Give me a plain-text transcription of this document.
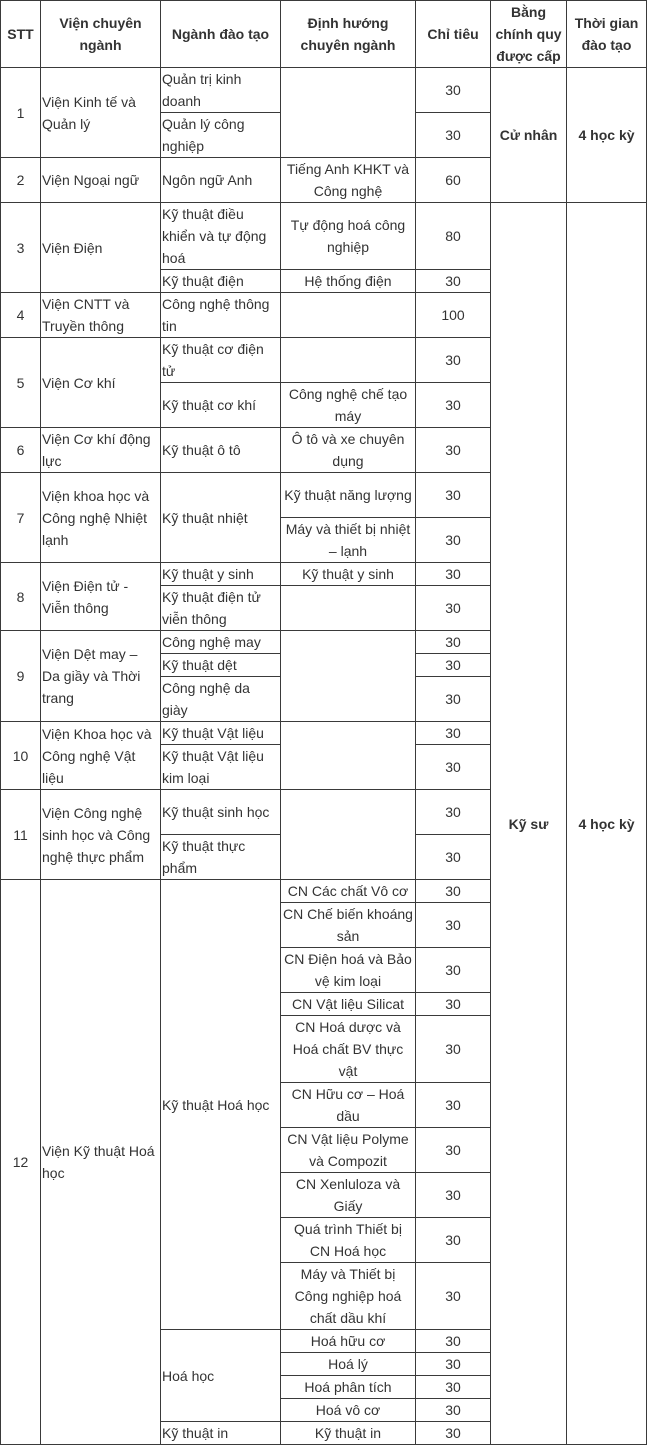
STT	Viện chuyên ngành	Ngành đào tạo	Định hướng chuyên ngành	Chỉ tiêu	Bằng chính quy được cấp	Thời gian đào tạo
1	Viện Kinh tế và Quản lý	Quản trị kinh doanh		30	Cử nhân	4 học kỳ
		Quản lý công nghiệp		30		
2	Viện Ngoại ngữ	Ngôn ngữ Anh	Tiếng Anh KHKT và Công nghệ	60		
3	Viện Điện	Kỹ thuật điều khiển và tự động hoá	Tự động hoá công nghiệp	80	Kỹ sư	4 học kỳ
		Kỹ thuật điện	Hệ thống điện	30		
4	Viện CNTT và Truyền thông	Công nghệ thông tin		100		
5	Viện Cơ khí	Kỹ thuật cơ điện tử		30		
		Kỹ thuật cơ khí	Công nghệ chế tạo máy	30		
6	Viện Cơ khí động lực	Kỹ thuật ô tô	Ô tô và xe chuyên dụng	30		
7	Viện khoa học và Công nghệ Nhiệt lạnh	Kỹ thuật nhiệt	Kỹ thuật năng lượng	30		
			Máy và thiết bị nhiệt – lạnh	30		
8	Viện Điện tử - Viễn thông	Kỹ thuật y sinh	Kỹ thuật y sinh	30		
		Kỹ thuật điện tử viễn thông		30		
9	Viện Dệt may – Da giầy và Thời trang	Công nghệ may		30		
		Kỹ thuật dệt		30		
		Công nghệ da giày		30		
10	Viện Khoa học và Công nghệ Vật liệu	Kỹ thuật Vật liệu		30		
		Kỹ thuật Vật liệu kim loại		30		
11	Viện Công nghệ sinh học và Công nghệ thực phẩm	Kỹ thuật sinh học		30		
		Kỹ thuật thực phẩm		30		
12	Viện Kỹ thuật Hoá học	Kỹ thuật Hoá học	CN Các chất Vô cơ	30		
			CN Chế biến khoáng sản	30		
			CN Điện hoá và Bảo vệ kim loại	30		
			CN Vật liệu Silicat	30		
			CN Hoá dược và Hoá chất BV thực vật	30		
			CN Hữu cơ – Hoá dầu	30		
			CN Vật liệu Polyme và Compozit	30		
			CN Xenluloza và Giấy	30		
			Quá trình Thiết bị CN Hoá học	30		
			Máy và Thiết bị Công nghiệp hoá chất dầu khí	30		
		Hoá học	Hoá hữu cơ	30		
			Hoá lý	30		
			Hoá phân tích	30		
			Hoá vô cơ	30		
		Kỹ thuật in	Kỹ thuật in	30		
